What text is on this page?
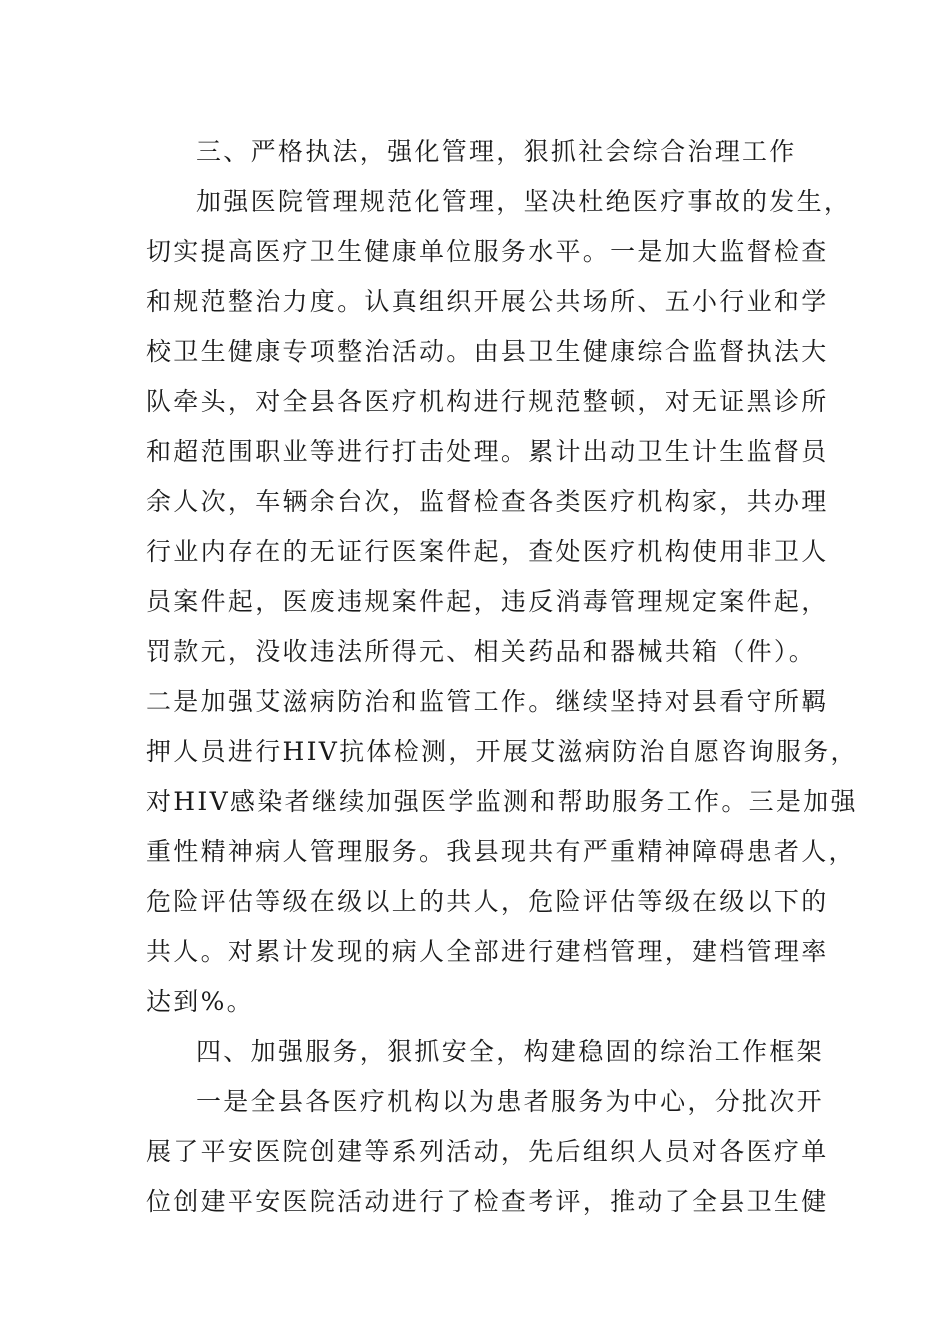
三、严格执法，强化管理，狠抓社会综合治理工作
加强医院管理规范化管理，坚决杜绝医疗事故的发生，
切实提高医疗卫生健康单位服务水平。一是加大监督检查
和规范整治力度。认真组织开展公共场所、五小行业和学
校卫生健康专项整治活动。由县卫生健康综合监督执法大
队牵头，对全县各医疗机构进行规范整顿，对无证黑诊所
和超范围职业等进行打击处理。累计出动卫生计生监督员
余人次，车辆余台次，监督检查各类医疗机构家，共办理
行业内存在的无证行医案件起，查处医疗机构使用非卫人
员案件起，医废违规案件起，违反消毒管理规定案件起，
罚款元，没收违法所得元、相关药品和器械共箱（件）。
二是加强艾滋病防治和监管工作。继续坚持对县看守所羁
押人员进行HIV抗体检测，开展艾滋病防治自愿咨询服务，
对HIV感染者继续加强医学监测和帮助服务工作。三是加强
重性精神病人管理服务。我县现共有严重精神障碍患者人，
危险评估等级在级以上的共人，危险评估等级在级以下的
共人。对累计发现的病人全部进行建档管理，建档管理率
达到%。
四、加强服务，狠抓安全，构建稳固的综治工作框架
一是全县各医疗机构以为患者服务为中心，分批次开
展了平安医院创建等系列活动，先后组织人员对各医疗单
位创建平安医院活动进行了检查考评，推动了全县卫生健
